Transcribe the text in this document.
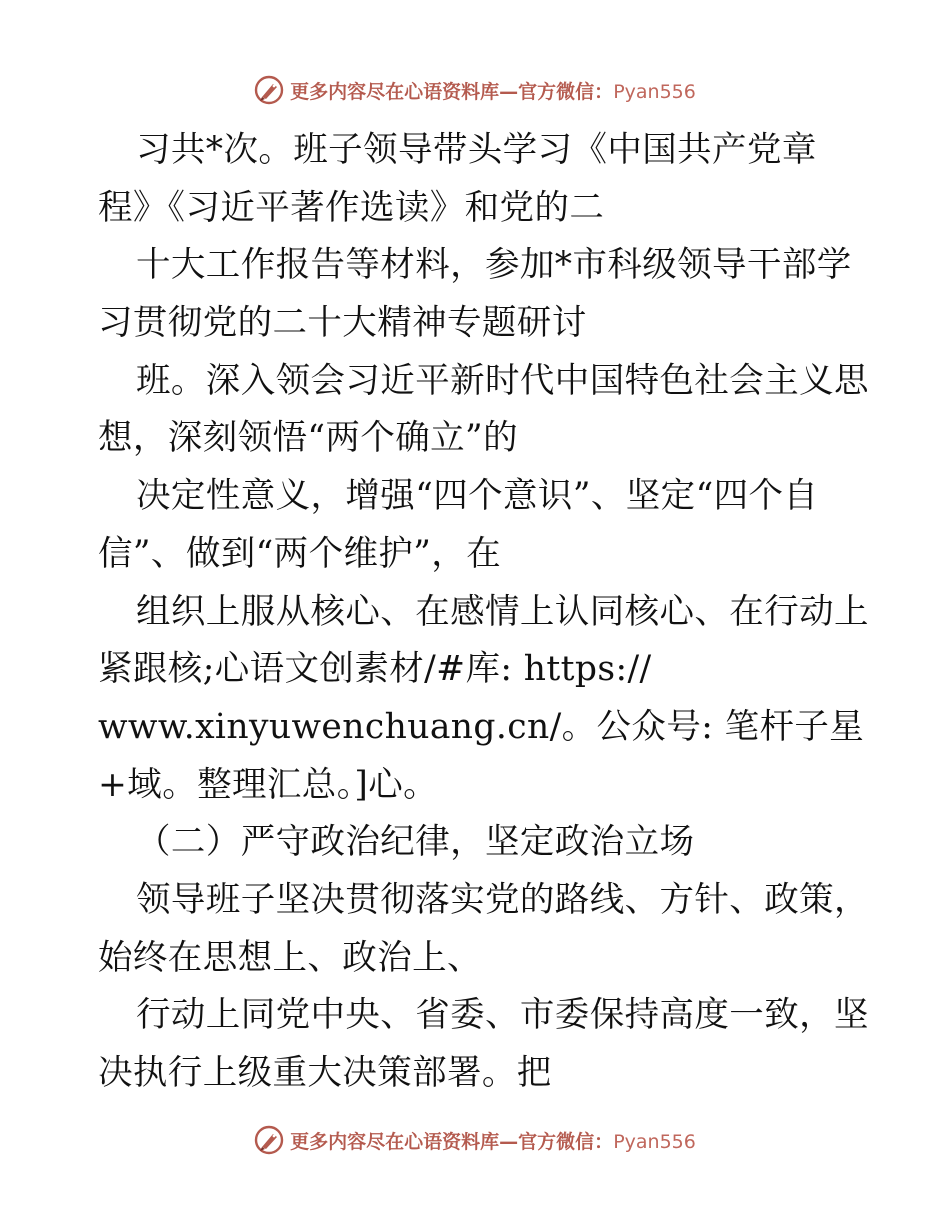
更多内容尽在心语资料库—官方微信：Pyan556
习共*次。班子领导带头学习《中国共产党章
程》《习近平著作选读》和党的二
十大工作报告等材料，参加*市科级领导干部学
习贯彻党的二十大精神专题研讨
班。深入领会习近平新时代中国特色社会主义思
想，深刻领悟“两个确立”的
决定性意义，增强“四个意识”、坚定“四个自
信”、做到“两个维护”，在
组织上服从核心、在感情上认同核心、在行动上
紧跟核;心语文创素材/#库: https://
www.xinyuwenchuang.cn/。公众号: 笔杆子星
+域。整理汇总。]心。
（二）严守政治纪律，坚定政治立场
领导班子坚决贯彻落实党的路线、方针、政策，
始终在思想上、政治上、
行动上同党中央、省委、市委保持高度一致，坚
决执行上级重大决策部署。把
更多内容尽在心语资料库—官方微信：Pyan556
